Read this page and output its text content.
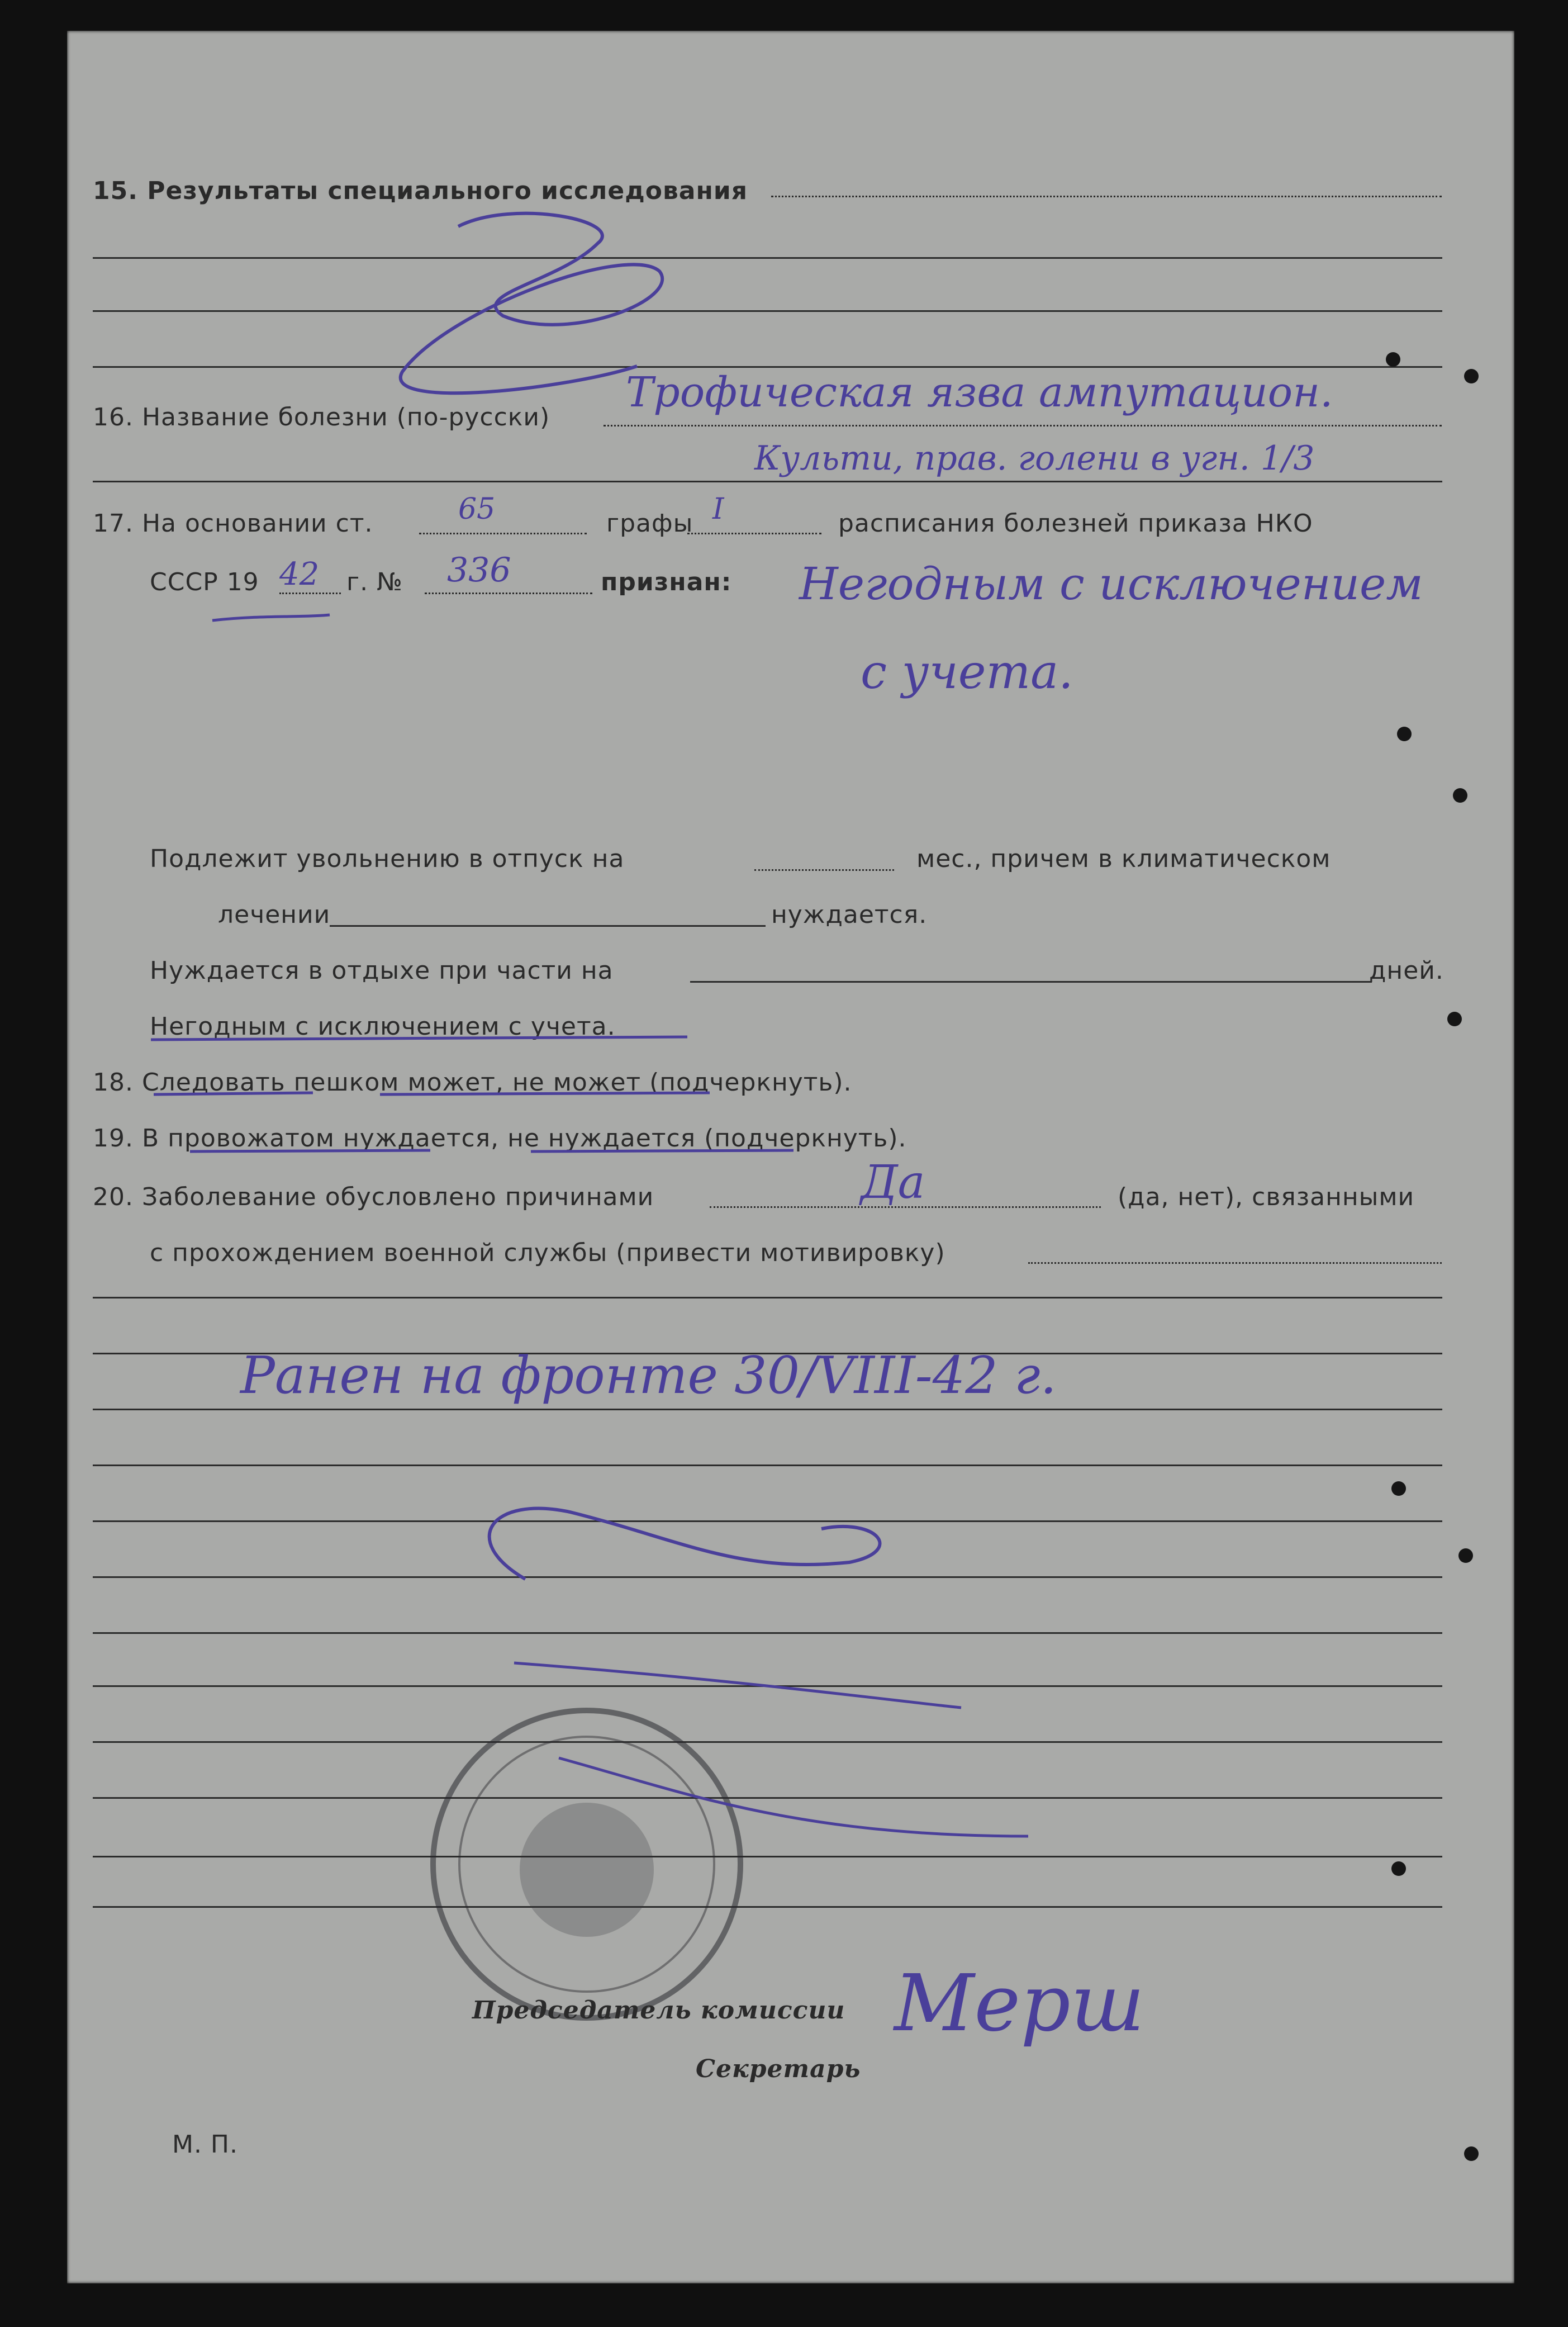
15. Результаты специального исследования
16. Название болезни (по-русски)
Трофическая язва ампутацион.
Культи, прав. голени в угн. 1/3
17. На основании ст.	65	графы I	расписания болезней приказа НКО
СССР 19 42 г. № 336	признан: Негодным с исключением
с учета.
Подлежит увольнению в отпуск на	мес., причем в климатическом
лечении	нуждается.
Нуждается в отдыхе при части на	дней.
Негодным с исключением с учета.
18. Следовать пешком может, не может (подчеркнуть).
19. В провожатом нуждается, не нуждается (подчеркнуть).
20. Заболевание обусловлено причинами	Да	(да, нет), связанными
с прохождением военной службы (привести мотивировку)
Ранен на фронте 30/VIII-42 г.
Председатель комиссии
Секретарь
Мерш
М. П.
